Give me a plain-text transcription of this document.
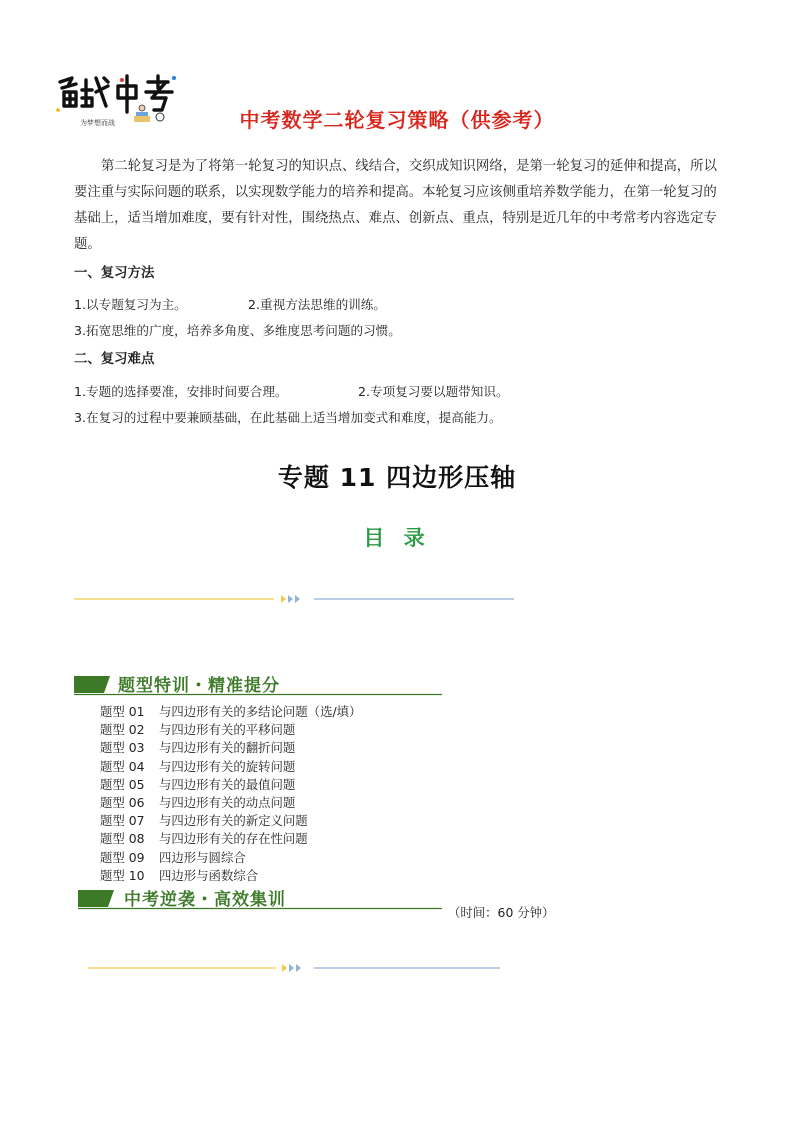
为梦想而战	中考数学二轮复习策略（供参考）
第二轮复习是为了将第一轮复习的知识点、线结合，交织成知识网络，是第一轮复习的延伸和提高，所以要注重与实际问题的联系，以实现数学能力的培养和提高。本轮复习应该侧重培养数学能力，在第一轮复习的基础上，适当增加难度，要有针对性，围绕热点、难点、创新点、重点，特别是近几年的中考常考内容选定专题。
一、复习方法
1.以专题复习为主。	2.重视方法思维的训练。
3.拓宽思维的广度，培养多角度、多维度思考问题的习惯。
二、复习难点
1.专题的选择要准，安排时间要合理。	2.专项复习要以题带知识。
3.在复习的过程中要兼顾基础，在此基础上适当增加变式和难度，提高能力。
专题 11 四边形压轴
目 录
题型特训・精准提分
题型 01 与四边形有关的多结论问题（选/填）
题型 02 与四边形有关的平移问题
题型 03 与四边形有关的翻折问题
题型 04 与四边形有关的旋转问题
题型 05 与四边形有关的最值问题
题型 06 与四边形有关的动点问题
题型 07 与四边形有关的新定义问题
题型 08 与四边形有关的存在性问题
题型 09 四边形与圆综合
题型 10 四边形与函数综合
中考逆袭・高效集训
（时间：60 分钟）
